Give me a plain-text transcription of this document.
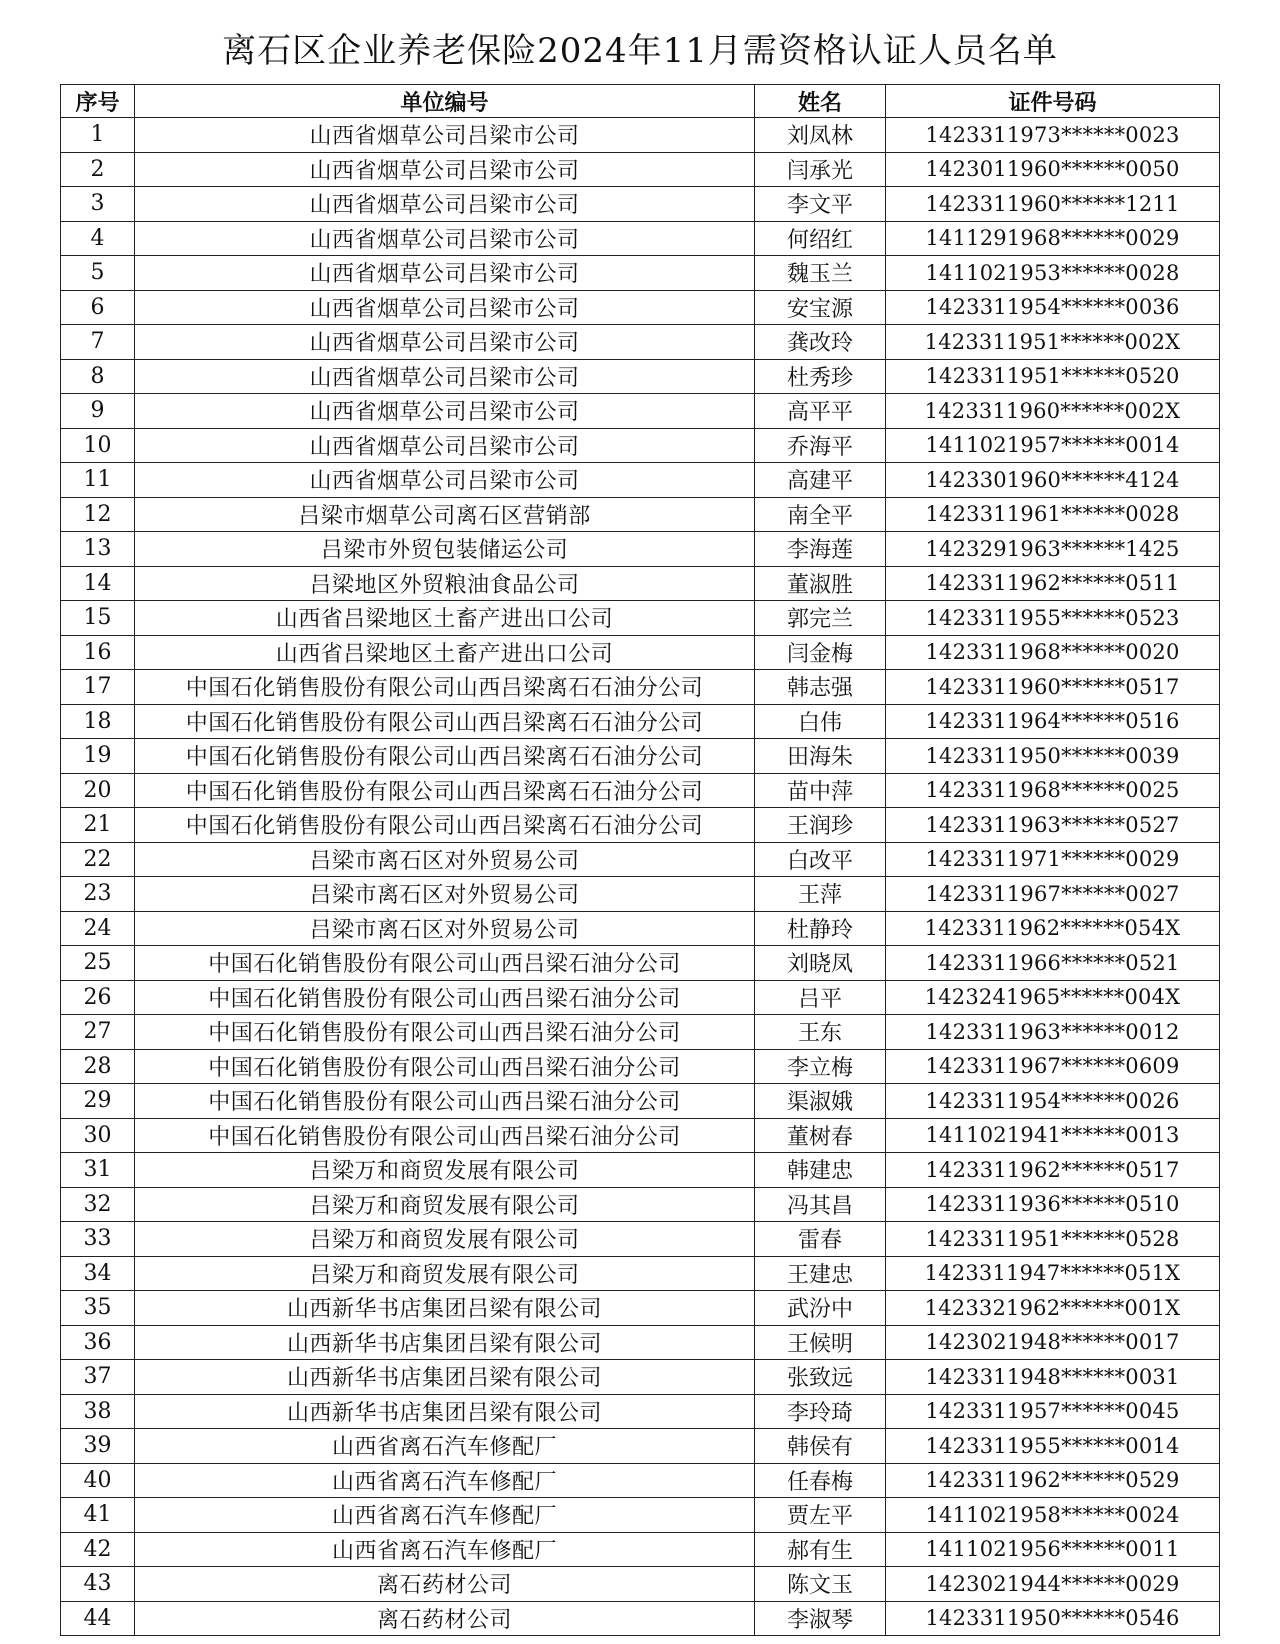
离石区企业养老保险2024年11月需资格认证人员名单
序号	单位编号	姓名	证件号码
1	山西省烟草公司吕梁市公司	刘凤林	1423311973******0023
2	山西省烟草公司吕梁市公司	闫承光	1423011960******0050
3	山西省烟草公司吕梁市公司	李文平	1423311960******1211
4	山西省烟草公司吕梁市公司	何绍红	1411291968******0029
5	山西省烟草公司吕梁市公司	魏玉兰	1411021953******0028
6	山西省烟草公司吕梁市公司	安宝源	1423311954******0036
7	山西省烟草公司吕梁市公司	龚改玲	1423311951******002X
8	山西省烟草公司吕梁市公司	杜秀珍	1423311951******0520
9	山西省烟草公司吕梁市公司	高平平	1423311960******002X
10	山西省烟草公司吕梁市公司	乔海平	1411021957******0014
11	山西省烟草公司吕梁市公司	高建平	1423301960******4124
12	吕梁市烟草公司离石区营销部	南全平	1423311961******0028
13	吕梁市外贸包装储运公司	李海莲	1423291963******1425
14	吕梁地区外贸粮油食品公司	董淑胜	1423311962******0511
15	山西省吕梁地区土畜产进出口公司	郭完兰	1423311955******0523
16	山西省吕梁地区土畜产进出口公司	闫金梅	1423311968******0020
17	中国石化销售股份有限公司山西吕梁离石石油分公司	韩志强	1423311960******0517
18	中国石化销售股份有限公司山西吕梁离石石油分公司	白伟	1423311964******0516
19	中国石化销售股份有限公司山西吕梁离石石油分公司	田海朱	1423311950******0039
20	中国石化销售股份有限公司山西吕梁离石石油分公司	苗中萍	1423311968******0025
21	中国石化销售股份有限公司山西吕梁离石石油分公司	王润珍	1423311963******0527
22	吕梁市离石区对外贸易公司	白改平	1423311971******0029
23	吕梁市离石区对外贸易公司	王萍	1423311967******0027
24	吕梁市离石区对外贸易公司	杜静玲	1423311962******054X
25	中国石化销售股份有限公司山西吕梁石油分公司	刘晓凤	1423311966******0521
26	中国石化销售股份有限公司山西吕梁石油分公司	吕平	1423241965******004X
27	中国石化销售股份有限公司山西吕梁石油分公司	王东	1423311963******0012
28	中国石化销售股份有限公司山西吕梁石油分公司	李立梅	1423311967******0609
29	中国石化销售股份有限公司山西吕梁石油分公司	渠淑娥	1423311954******0026
30	中国石化销售股份有限公司山西吕梁石油分公司	董树春	1411021941******0013
31	吕梁万和商贸发展有限公司	韩建忠	1423311962******0517
32	吕梁万和商贸发展有限公司	冯其昌	1423311936******0510
33	吕梁万和商贸发展有限公司	雷春	1423311951******0528
34	吕梁万和商贸发展有限公司	王建忠	1423311947******051X
35	山西新华书店集团吕梁有限公司	武汾中	1423321962******001X
36	山西新华书店集团吕梁有限公司	王候明	1423021948******0017
37	山西新华书店集团吕梁有限公司	张致远	1423311948******0031
38	山西新华书店集团吕梁有限公司	李玲琦	1423311957******0045
39	山西省离石汽车修配厂	韩侯有	1423311955******0014
40	山西省离石汽车修配厂	任春梅	1423311962******0529
41	山西省离石汽车修配厂	贾左平	1411021958******0024
42	山西省离石汽车修配厂	郝有生	1411021956******0011
43	离石药材公司	陈文玉	1423021944******0029
44	离石药材公司	李淑琴	1423311950******0546
